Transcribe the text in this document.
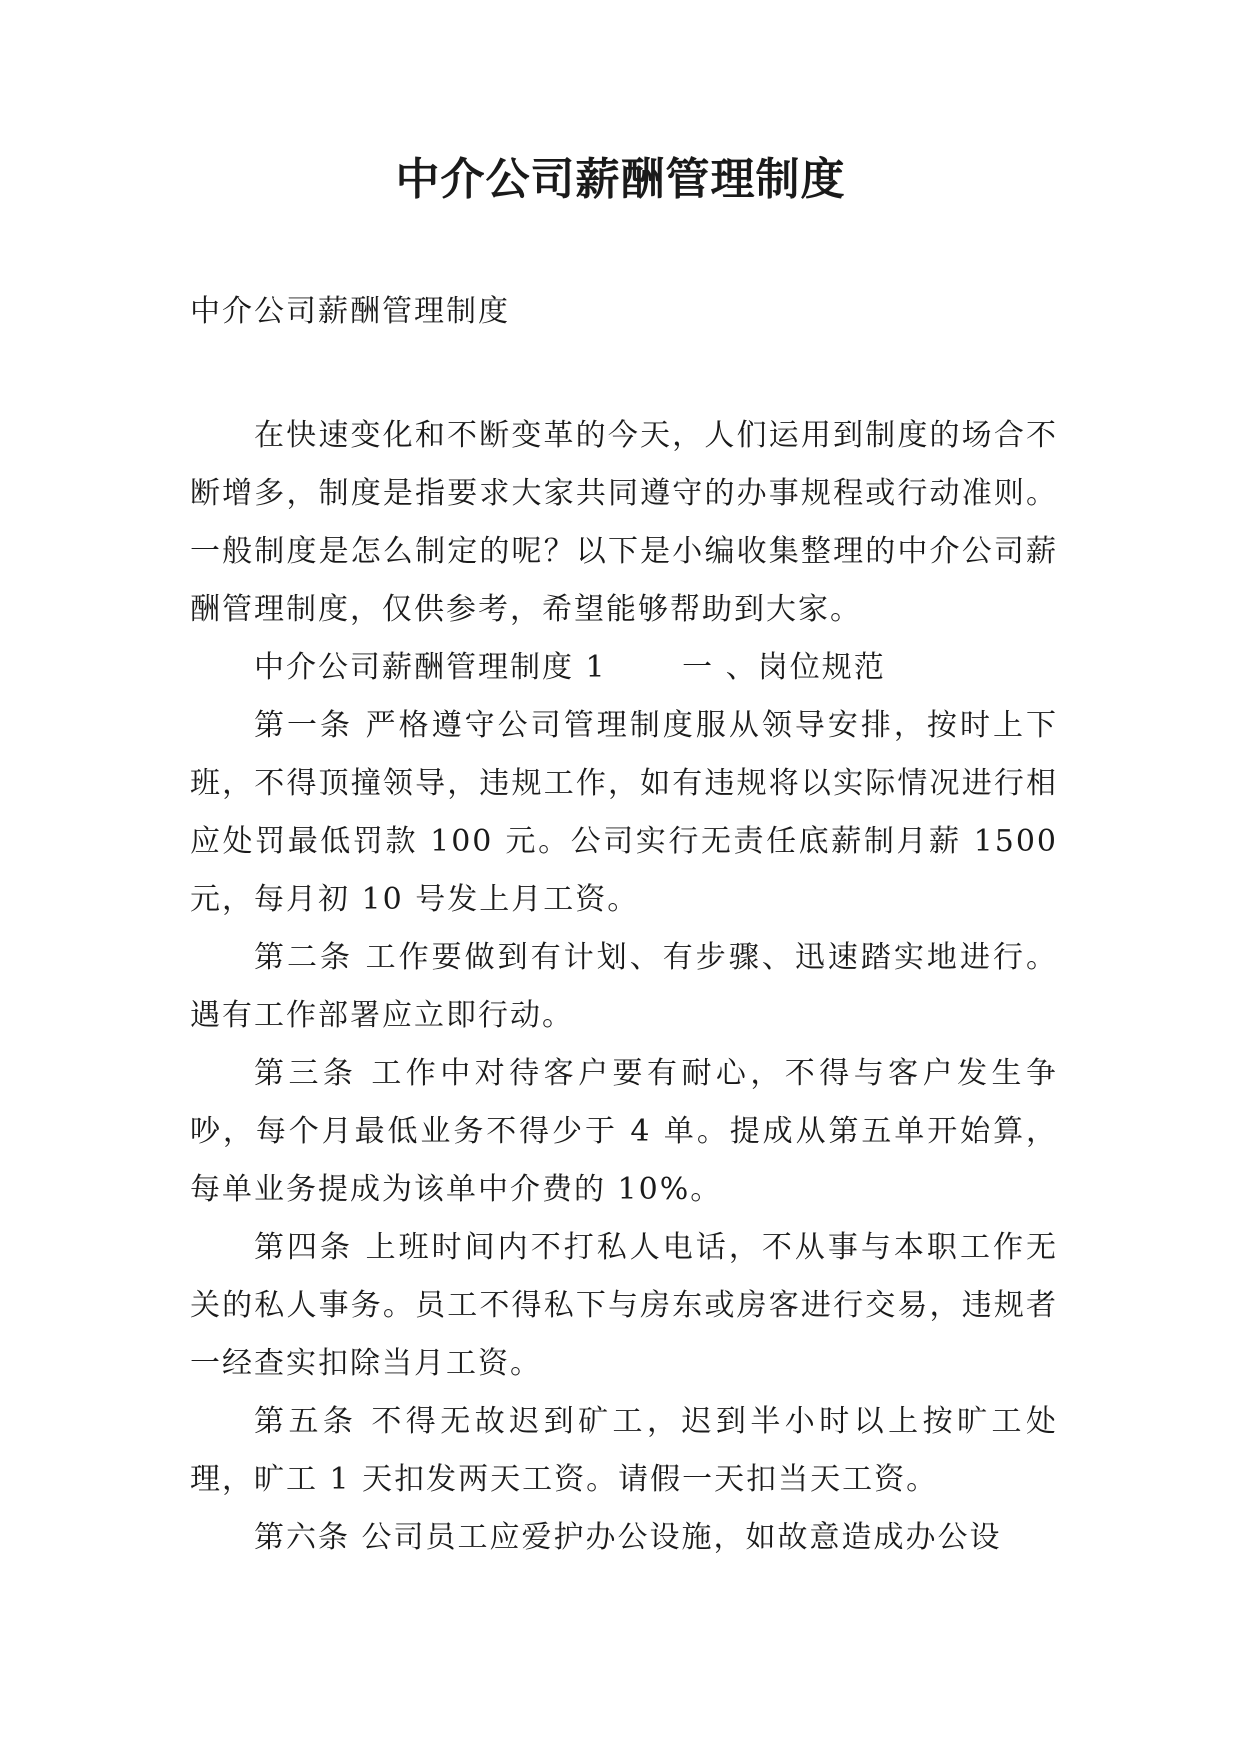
中介公司薪酬管理制度

中介公司薪酬管理制度

在快速变化和不断变革的今天，人们运用到制度的场合不断增多，制度是指要求大家共同遵守的办事规程或行动准则。一般制度是怎么制定的呢？以下是小编收集整理的中介公司薪酬管理制度，仅供参考，希望能够帮助到大家。

中介公司薪酬管理制度 1　　 一 、岗位规范

第一条 严格遵守公司管理制度服从领导安排，按时上下班，不得顶撞领导，违规工作，如有违规将以实际情况进行相应处罚最低罚款 100 元。公司实行无责任底薪制月薪 1500 元，每月初 10 号发上月工资。

第二条 工作要做到有计划、有步骤、迅速踏实地进行。遇有工作部署应立即行动。

第三条 工作中对待客户要有耐心，不得与客户发生争吵，每个月最低业务不得少于 4 单。提成从第五单开始算，每单业务提成为该单中介费的 10%。

第四条 上班时间内不打私人电话，不从事与本职工作无关的私人事务。员工不得私下与房东或房客进行交易，违规者一经查实扣除当月工资。

第五条 不得无故迟到矿工，迟到半小时以上按旷工处理，旷工 1 天扣发两天工资。请假一天扣当天工资。

第六条 公司员工应爱护办公设施，如故意造成办公设
